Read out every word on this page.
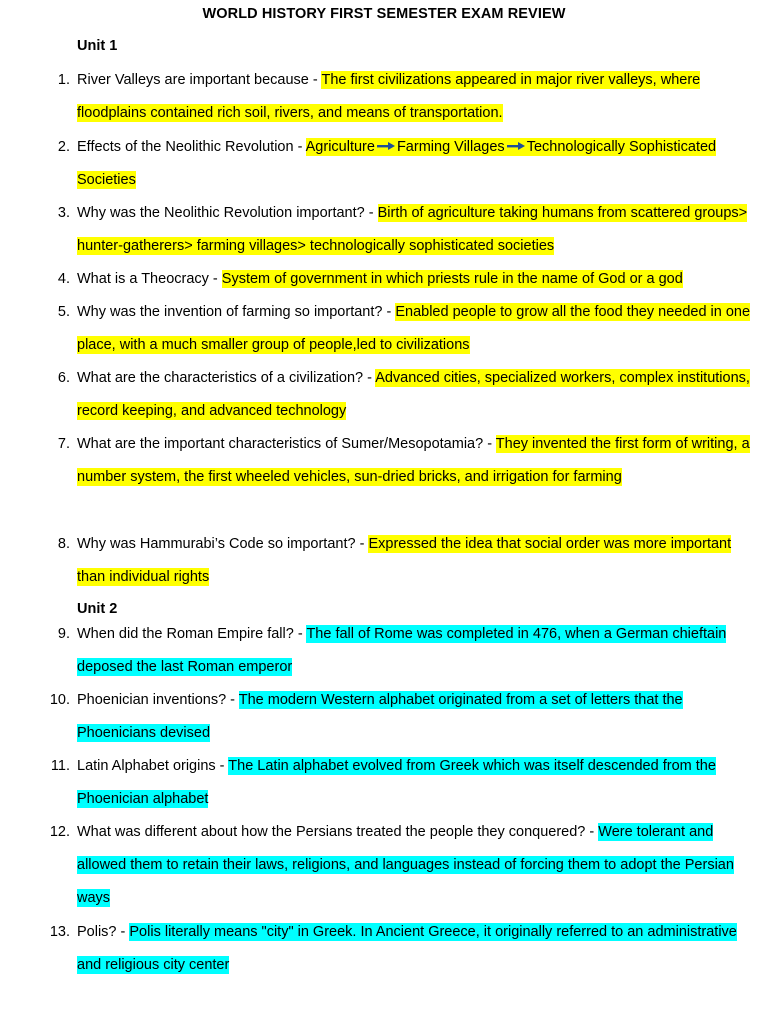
WORLD HISTORY FIRST SEMESTER EXAM REVIEW
Unit 1
1. River Valleys are important because - The first civilizations appeared in major river valleys, where floodplains contained rich soil, rivers, and means of transportation.
2. Effects of the Neolithic Revolution - Agriculture Farming Villages Technologically Sophisticated Societies
3. Why was the Neolithic Revolution important? - Birth of agriculture taking humans from scattered groups> hunter-gatherers> farming villages> technologically sophisticated societies
4. What is a Theocracy - System of government in which priests rule in the name of God or a god
5. Why was the invention of farming so important? - Enabled people to grow all the food they needed in one place, with a much smaller group of people,led to civilizations
6. What are the characteristics of a civilization? - Advanced cities, specialized workers, complex institutions, record keeping, and advanced technology
7. What are the important characteristics of Sumer/Mesopotamia? - They invented the first form of writing, a number system, the first wheeled vehicles, sun-dried bricks, and irrigation for farming
8. Why was Hammurabi’s Code so important? - Expressed the idea that social order was more important than individual rights
Unit 2
9. When did the Roman Empire fall? - The fall of Rome was completed in 476, when a German chieftain deposed the last Roman emperor
10. Phoenician inventions? - The modern Western alphabet originated from a set of letters that the Phoenicians devised
11. Latin Alphabet origins - The Latin alphabet evolved from Greek which was itself descended from the Phoenician alphabet
12. What was different about how the Persians treated the people they conquered? - Were tolerant and allowed them to retain their laws, religions, and languages instead of forcing them to adopt the Persian ways
13. Polis? - Polis literally means "city" in Greek. In Ancient Greece, it originally referred to an administrative and religious city center
